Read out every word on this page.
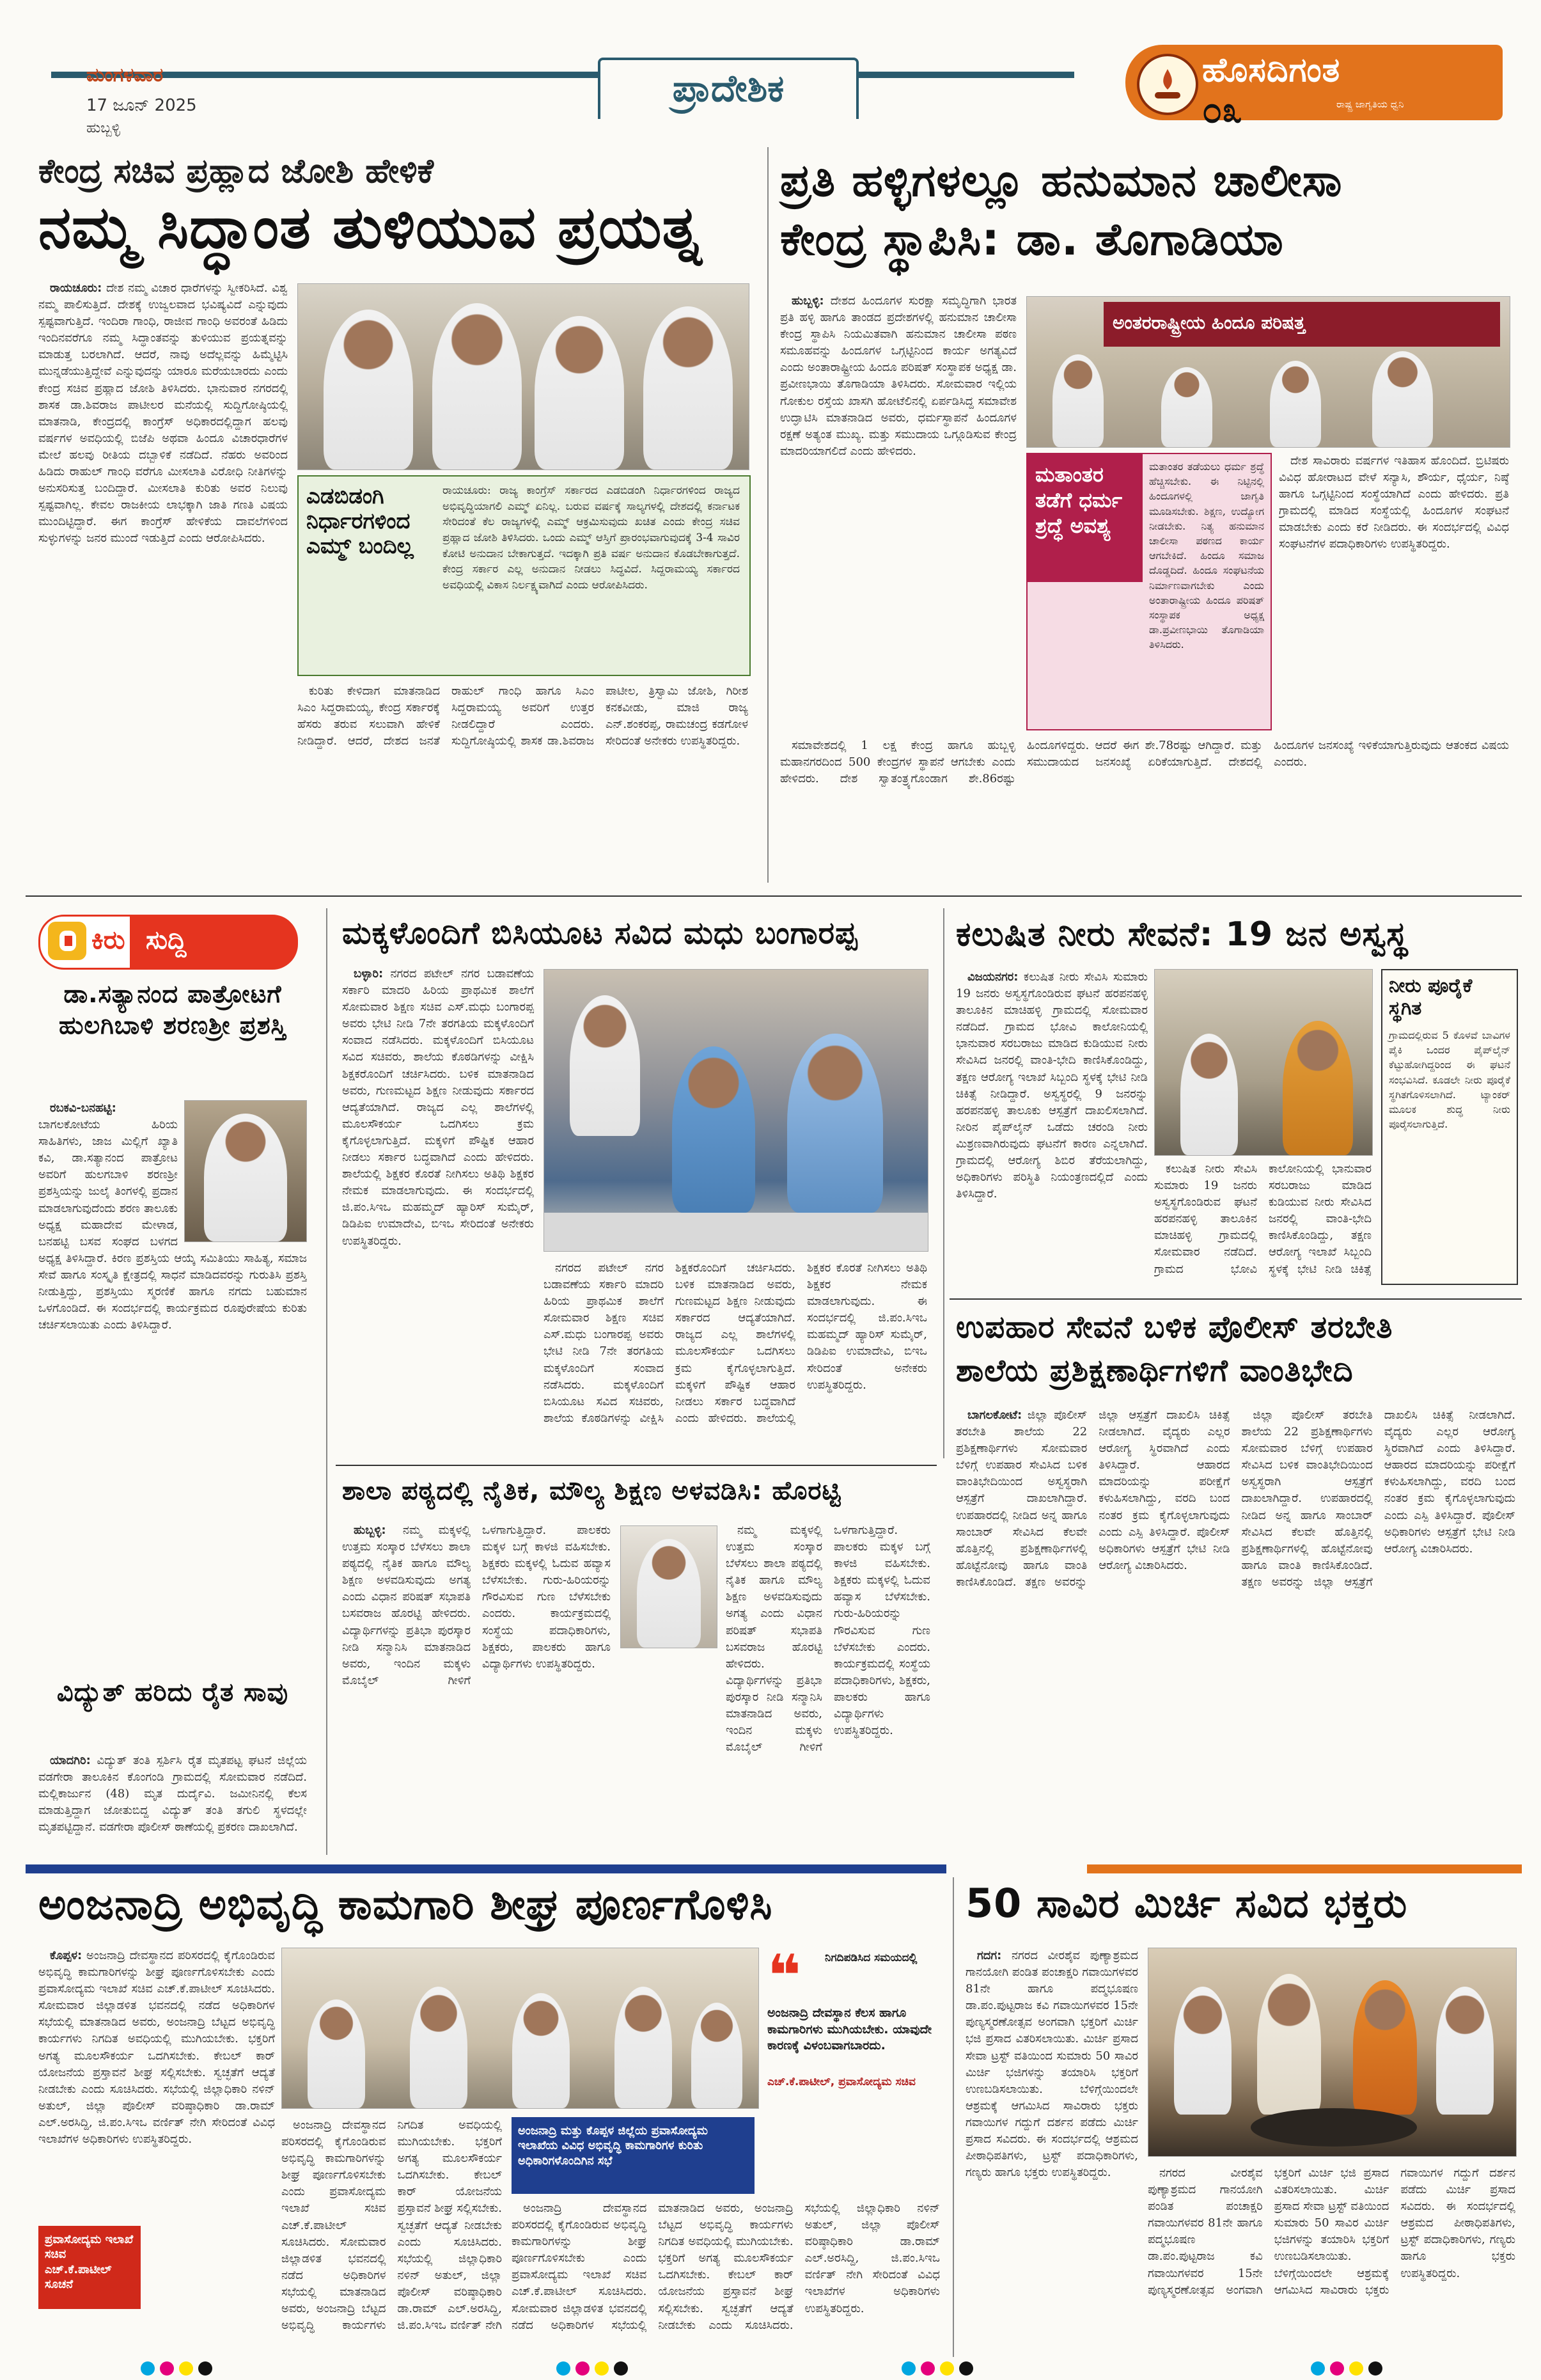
ಮಂಗಳವಾರ
17 ಜೂನ್ 2025
ಹುಬ್ಬಳ್ಳಿ
ಪ್ರಾದೇಶಿಕ	ಹೊಸದಿಗಂತ
ರಾಷ್ಟ್ರ ಜಾಗೃತಿಯ ಧ್ವನಿ
೦೩
ಕೇಂದ್ರ ಸಚಿವ ಪ್ರಹ್ಲಾದ ಜೋಶಿ ಹೇಳಿಕೆ
ನಮ್ಮ ಸಿದ್ಧಾಂತ ತುಳಿಯುವ ಪ್ರಯತ್ನ

ರಾಯಚೂರು: ದೇಶ ನಮ್ಮ ವಿಚಾರ ಧಾರೆಗಳನ್ನು ಸ್ವೀಕರಿಸಿದೆ. ವಿಶ್ವ ನಮ್ಮ ಪಾಲಿಸುತ್ತಿದೆ. ದೇಶಕ್ಕೆ ಉಜ್ವಲವಾದ ಭವಿಷ್ಯವಿದೆ ಎನ್ನುವುದು ಸ್ಪಷ್ಟವಾಗುತ್ತಿದೆ. ಇಂದಿರಾ ಗಾಂಧಿ, ರಾಜೀವ ಗಾಂಧಿ ಅವರಂತೆ ಹಿಡಿದು ಇಂದಿನವರೆಗೂ ನಮ್ಮ ಸಿದ್ಧಾಂತವನ್ನು ತುಳಿಯುವ ಪ್ರಯತ್ನವನ್ನು ಮಾಡುತ್ತ ಬರಲಾಗಿದೆ. ಆದರೆ, ನಾವು ಅದೆಲ್ಲವನ್ನು ಹಿಮ್ಮೆಟ್ಟಿಸಿ ಮುನ್ನಡೆಯುತ್ತಿದ್ದೇವೆ ಎನ್ನುವುದನ್ನು ಯಾರೂ ಮರೆಯಬಾರದು ಎಂದು ಕೇಂದ್ರ ಸಚಿವ ಪ್ರಹ್ಲಾದ ಜೋಶಿ ತಿಳಿಸಿದರು. ಭಾನುವಾರ ನಗರದಲ್ಲಿ ಶಾಸಕ ಡಾ.ಶಿವರಾಜ ಪಾಟೀಲರ ಮನೆಯಲ್ಲಿ ಸುದ್ದಿಗೋಷ್ಠಿಯಲ್ಲಿ ಮಾತನಾಡಿ, ಕೇಂದ್ರದಲ್ಲಿ ಕಾಂಗ್ರೆಸ್ ಅಧಿಕಾರದಲ್ಲಿದ್ದಾಗ ಹಲವು ವರ್ಷಗಳ ಅವಧಿಯಲ್ಲಿ ಬಿಜೆಪಿ ಅಥವಾ ಹಿಂದೂ ವಿಚಾರಧಾರೆಗಳ ಮೇಲೆ ಹಲವು ರೀತಿಯ ದಬ್ಬಾಳಿಕೆ ನಡೆದಿದೆ. ನೆಹರು ಅವರಿಂದ ಹಿಡಿದು ರಾಹುಲ್ ಗಾಂಧಿ ವರೆಗೂ ಮೀಸಲಾತಿ ವಿರೋಧಿ ನೀತಿಗಳನ್ನು ಅನುಸರಿಸುತ್ತ ಬಂದಿದ್ದಾರೆ. ಮೀಸಲಾತಿ ಕುರಿತು ಅವರ ನಿಲುವು ಸ್ಪಷ್ಟವಾಗಿಲ್ಲ. ಕೇವಲ ರಾಜಕೀಯ ಲಾಭಕ್ಕಾಗಿ ಜಾತಿ ಗಣತಿ ವಿಷಯ ಮುಂದಿಟ್ಟಿದ್ದಾರೆ. ಈಗ ಕಾಂಗ್ರೆಸ್ ಹೇಳಿಕೆಯ ದಾವಲೆಗಳಿಂದ ಸುಳ್ಳುಗಳನ್ನು ಜನರ ಮುಂದೆ ಇಡುತ್ತಿದೆ ಎಂದು ಆರೋಪಿಸಿದರು.

ಎಡಬಿಡಂಗಿ ನಿರ್ಧಾರಗಳಿಂದ ಎಮ್ಮ್ ಬಂದಿಲ್ಲ
ರಾಯಚೂರು: ರಾಜ್ಯ ಕಾಂಗ್ರೆಸ್ ಸರ್ಕಾರದ ಎಡಬಿಡಂಗಿ ನಿರ್ಧಾರಗಳಿಂದ ರಾಜ್ಯದ ಅಭಿವೃದ್ಧಿಯಾಗಲಿ ಎಮ್ಮ್ ಏನಿಲ್ಲ. ಬರುವ ವರ್ಷಕ್ಕೆ ಸಾಲ್ಯಗಳಲ್ಲಿ ದೇಶದಲ್ಲಿ ಕರ್ನಾಟಕ ಸೇರಿದಂತೆ ಕೆಲ ರಾಜ್ಯಗಳಲ್ಲಿ ಎಮ್ಮ್ ಆಕ್ರಮಿಸುವುದು ಖಚಿತ ಎಂದು ಕೇಂದ್ರ ಸಚಿವ ಪ್ರಹ್ಲಾದ ಜೋಶಿ ತಿಳಿಸಿದರು. ಒಂದು ಎಮ್ಮ್ ಆಸ್ತಿಗೆ ಪ್ರಾರಂಭವಾಗುವುದಕ್ಕೆ 3-4 ಸಾವಿರ ಕೋಟಿ ಅನುದಾನ ಬೇಕಾಗುತ್ತದೆ. ಇದಕ್ಕಾಗಿ ಪ್ರತಿ ವರ್ಷ ಅನುದಾನ ಕೊಡಬೇಕಾಗುತ್ತದೆ. ಕೇಂದ್ರ ಸರ್ಕಾರ ಎಲ್ಲ ಅನುದಾನ ನೀಡಲು ಸಿದ್ಧವಿದೆ. ಸಿದ್ದರಾಮಯ್ಯ ಸರ್ಕಾರದ ಅವಧಿಯಲ್ಲಿ ವಿಕಾಸ ನಿರ್ಲಕ್ಷ್ಯವಾಗಿದೆ ಎಂದು ಆರೋಪಿಸಿದರು.

ಕುರಿತು ಕೇಳಿದಾಗ ಮಾತನಾಡಿದ ಸಿಎಂ ಸಿದ್ದರಾಮಯ್ಯ, ಕೇಂದ್ರ ಸರ್ಕಾರಕ್ಕೆ ಹೆಸರು ತರುವ ಸಲುವಾಗಿ ಹೇಳಿಕೆ ನೀಡಿದ್ದಾರೆ. ಆದರೆ, ದೇಶದ ಜನತೆ ರಾಹುಲ್ ಗಾಂಧಿ ಹಾಗೂ ಸಿಎಂ ಸಿದ್ದರಾಮಯ್ಯ ಅವರಿಗೆ ಉತ್ತರ ನೀಡಲಿದ್ದಾರೆ ಎಂದರು. ಸುದ್ದಿಗೋಷ್ಠಿಯಲ್ಲಿ ಶಾಸಕ ಡಾ.ಶಿವರಾಜ ಪಾಟೀಲ, ತ್ರಿಸ್ವಾಮಿ ಜೋಶಿ, ಗಿರೀಶ ಕನಕವೀಡು, ಮಾಜಿ ರಾಜ್ಯ ಎನ್.ಶಂಕರಪ್ಪ, ರಾಮಚಂದ್ರ ಕಡಗೋಳ ಸೇರಿದಂತೆ ಅನೇಕರು ಉಪಸ್ಥಿತರಿದ್ದರು.

ಪ್ರತಿ ಹಳ್ಳಿಗಳಲ್ಲೂ ಹನುಮಾನ ಚಾಲೀಸಾ
ಕೇಂದ್ರ ಸ್ಥಾಪಿಸಿ: ಡಾ. ತೊಗಾಡಿಯಾ

ಹುಬ್ಬಳ್ಳಿ: ದೇಶದ ಹಿಂದೂಗಳ ಸುರಕ್ಷಾ ಸಮೃದ್ಧಿಗಾಗಿ ಭಾರತ ಪ್ರತಿ ಹಳ್ಳಿ ಹಾಗೂ ತಾಂಡದ ಪ್ರದೇಶಗಳಲ್ಲಿ ಹನುಮಾನ ಚಾಲೀಸಾ ಕೇಂದ್ರ ಸ್ಥಾಪಿಸಿ ನಿಯಮಿತವಾಗಿ ಹನುಮಾನ ಚಾಲೀಸಾ ಪಠಣ ಸಮೂಹವನ್ನು ಹಿಂದೂಗಳ ಒಗ್ಗಟ್ಟಿನಿಂದ ಕಾರ್ಯ ಅಗತ್ಯವಿದೆ ಎಂದು ಅಂತಾರಾಷ್ಟ್ರೀಯ ಹಿಂದೂ ಪರಿಷತ್ ಸಂಸ್ಥಾಪಕ ಅಧ್ಯಕ್ಷ ಡಾ. ಪ್ರವೀಣಭಾಯಿ ತೊಗಾಡಿಯಾ ತಿಳಿಸಿದರು. ಸೋಮವಾರ ಇಲ್ಲಿಯ ಗೋಕುಲ ರಸ್ತೆಯ ಖಾಸಗಿ ಹೋಟೆಲಿನಲ್ಲಿ ಏರ್ಪಡಿಸಿದ್ದ ಸಮಾವೇಶ ಉದ್ಘಾಟಿಸಿ ಮಾತನಾಡಿದ ಅವರು, ಧರ್ಮಸ್ಥಾಪನೆ ಹಿಂದೂಗಳ ರಕ್ಷಣೆ ಅತ್ಯಂತ ಮುಖ್ಯ. ಮತ್ತು ಸಮುದಾಯ ಒಗ್ಗೂಡಿಸುವ ಕೇಂದ್ರ ಮಾದರಿಯಾಗಲಿದೆ ಎಂದು ಹೇಳಿದರು.

ಅಂತರರಾಷ್ಟ್ರೀಯ ಹಿಂದೂ ಪರಿಷತ್ತ
ಮತಾಂತರ ತಡೆಗೆ ಧರ್ಮ ಶ್ರದ್ಧೆ ಅವಶ್ಯ
ಮತಾಂತರ ತಡೆಯಲು ಧರ್ಮ ಶ್ರದ್ಧೆ ಹೆಚ್ಚಿಸಬೇಕು. ಈ ನಿಟ್ಟಿನಲ್ಲಿ ಹಿಂದೂಗಳಲ್ಲಿ ಜಾಗೃತಿ ಮೂಡಿಸಬೇಕು. ಶಿಕ್ಷಣ, ಉದ್ಯೋಗ ನೀಡಬೇಕು. ನಿತ್ಯ ಹನುಮಾನ ಚಾಲೀಸಾ ಪಠಣದ ಕಾರ್ಯ ಆಗಬೇಕಿದೆ. ಹಿಂದೂ ಸಮಾಜ ದೊಡ್ಡದಿದೆ. ಹಿಂದೂ ಸಂಘಟನೆಯ ನಿರ್ಮಾಣವಾಗಬೇಕು ಎಂದು ಅಂತಾರಾಷ್ಟ್ರೀಯ ಹಿಂದೂ ಪರಿಷತ್ ಸಂಸ್ಥಾಪಕ ಅಧ್ಯಕ್ಷ ಡಾ.ಪ್ರವೀಣಭಾಯಿ ತೊಗಾಡಿಯಾ ತಿಳಿಸಿದರು.

ದೇಶ ಸಾವಿರಾರು ವರ್ಷಗಳ ಇತಿಹಾಸ ಹೊಂದಿದೆ. ಬ್ರಿಟಿಷರು ವಿವಿಧ ಹೋರಾಟದ ವೇಳೆ ಸನ್ಯಾಸಿ, ಶೌರ್ಯ, ಧೈರ್ಯ, ನಿಷ್ಠೆ ಹಾಗೂ ಒಗ್ಗಟ್ಟಿನಿಂದ ಸಂಸ್ಥೆಯಾಗಿದೆ ಎಂದು ಹೇಳಿದರು. ಪ್ರತಿ ಗ್ರಾಮದಲ್ಲಿ ಮಾಡಿದ ಸಂಸ್ಥೆಯಲ್ಲಿ ಹಿಂದೂಗಳ ಸಂಘಟನೆ ಮಾಡಬೇಕು ಎಂದು ಕರೆ ನೀಡಿದರು. ಈ ಸಂದರ್ಭದಲ್ಲಿ ವಿವಿಧ ಸಂಘಟನೆಗಳ ಪದಾಧಿಕಾರಿಗಳು ಉಪಸ್ಥಿತರಿದ್ದರು.

ಸಮಾವೇಶದಲ್ಲಿ 1 ಲಕ್ಷ ಕೇಂದ್ರ ಹಾಗೂ ಹುಬ್ಬಳ್ಳಿ ಮಹಾನಗರದಿಂದ 500 ಕೇಂದ್ರಗಳ ಸ್ಥಾಪನೆ ಆಗಬೇಕು ಎಂದು ಹೇಳಿದರು. ದೇಶ ಸ್ವಾತಂತ್ರ್ಯಗೊಂಡಾಗ ಶೇ.86ರಷ್ಟು ಹಿಂದೂಗಳಿದ್ದರು. ಆದರೆ ಈಗ ಶೇ.78ರಷ್ಟು ಆಗಿದ್ದಾರೆ. ಮತ್ತು ಸಮುದಾಯದ ಜನಸಂಖ್ಯೆ ಏರಿಕೆಯಾಗುತ್ತಿದೆ. ದೇಶದಲ್ಲಿ ಹಿಂದೂಗಳ ಜನಸಂಖ್ಯೆ ಇಳಿಕೆಯಾಗುತ್ತಿರುವುದು ಆತಂಕದ ವಿಷಯ ಎಂದರು.

ಕಿರು ಸುದ್ದಿ
ಡಾ.ಸತ್ಯಾನಂದ ಪಾತ್ರೋಟಗೆ ಹುಲಗಿಬಾಳಿ ಶರಣಶ್ರೀ ಪ್ರಶಸ್ತಿ

ರಬಕವಿ-ಬನಹಟ್ಟಿ: ಬಾಗಲಕೋಟೆಯ ಹಿರಿಯ ಸಾಹಿತಿಗಳು, ಜಾಜ ಮಿಲ್ಲಿಗೆ ಖ್ಯಾತಿ ಕವಿ, ಡಾ.ಸತ್ಯಾನಂದ ಪಾತ್ರೋಟ ಅವರಿಗೆ ಹುಲಗಬಾಳಿ ಶರಣಶ್ರೀ ಪ್ರಶಸ್ತಿಯನ್ನು ಜುಲೈ ತಿಂಗಳಲ್ಲಿ ಪ್ರದಾನ ಮಾಡಲಾಗುವುದೆಂದು ಶರಣ ತಾಲೂಕು ಅಧ್ಯಕ್ಷ ಮಹಾದೇವ ಮೇಳಾಡ, ಬನಹಟ್ಟಿ ಬಸವ ಸಂಘದ ಬಳಗದ ಅಧ್ಯಕ್ಷ ತಿಳಿಸಿದ್ದಾರೆ. ಕಿರಣ ಪ್ರಶಸ್ತಿಯ ಆಯ್ಕೆ ಸಮಿತಿಯು ಸಾಹಿತ್ಯ, ಸಮಾಜ ಸೇವೆ ಹಾಗೂ ಸಂಸ್ಕೃತಿ ಕ್ಷೇತ್ರದಲ್ಲಿ ಸಾಧನೆ ಮಾಡಿದವರನ್ನು ಗುರುತಿಸಿ ಪ್ರಶಸ್ತಿ ನೀಡುತ್ತಿದ್ದು, ಪ್ರಶಸ್ತಿಯು ಸ್ಮರಣಿಕೆ ಹಾಗೂ ನಗದು ಬಹುಮಾನ ಒಳಗೊಂಡಿದೆ. ಈ ಸಂದರ್ಭದಲ್ಲಿ ಕಾರ್ಯಕ್ರಮದ ರೂಪುರೇಷೆಯ ಕುರಿತು ಚರ್ಚಿಸಲಾಯಿತು ಎಂದು ತಿಳಿಸಿದ್ದಾರೆ.

ವಿದ್ಯುತ್ ಹರಿದು ರೈತ ಸಾವು

ಯಾದಗಿರಿ: ವಿದ್ಯುತ್ ತಂತಿ ಸ್ಪರ್ಶಿಸಿ ರೈತ ಮೃತಪಟ್ಟ ಘಟನೆ ಜಿಲ್ಲೆಯ ವಡಗೇರಾ ತಾಲೂಕಿನ ಕೊಂಗಂಡಿ ಗ್ರಾಮದಲ್ಲಿ ಸೋಮವಾರ ನಡೆದಿದೆ. ಮಲ್ಲಿಕಾರ್ಜುನ (48) ಮೃತ ದುರ್ದೈವಿ. ಜಮೀನಿನಲ್ಲಿ ಕೆಲಸ ಮಾಡುತ್ತಿದ್ದಾಗ ಜೋತುಬಿದ್ದ ವಿದ್ಯುತ್ ತಂತಿ ತಗುಲಿ ಸ್ಥಳದಲ್ಲೇ ಮೃತಪಟ್ಟಿದ್ದಾನೆ. ವಡಗೇರಾ ಪೊಲೀಸ್ ಠಾಣೆಯಲ್ಲಿ ಪ್ರಕರಣ ದಾಖಲಾಗಿದೆ.

ಮಕ್ಕಳೊಂದಿಗೆ ಬಿಸಿಯೂಟ ಸವಿದ ಮಧು ಬಂಗಾರಪ್ಪ

ಬಳ್ಳಾರಿ: ನಗರದ ಪಟೇಲ್ ನಗರ ಬಡಾವಣೆಯ ಸರ್ಕಾರಿ ಮಾದರಿ ಹಿರಿಯ ಪ್ರಾಥಮಿಕ ಶಾಲೆಗೆ ಸೋಮವಾರ ಶಿಕ್ಷಣ ಸಚಿವ ಎಸ್.ಮಧು ಬಂಗಾರಪ್ಪ ಅವರು ಭೇಟಿ ನೀಡಿ 7ನೇ ತರಗತಿಯ ಮಕ್ಕಳೊಂದಿಗೆ ಸಂವಾದ ನಡೆಸಿದರು. ಮಕ್ಕಳೊಂದಿಗೆ ಬಿಸಿಯೂಟ ಸವಿದ ಸಚಿವರು, ಶಾಲೆಯ ಕೊಠಡಿಗಳನ್ನು ವೀಕ್ಷಿಸಿ ಶಿಕ್ಷಕರೊಂದಿಗೆ ಚರ್ಚಿಸಿದರು. ಬಳಿಕ ಮಾತನಾಡಿದ ಅವರು, ಗುಣಮಟ್ಟದ ಶಿಕ್ಷಣ ನೀಡುವುದು ಸರ್ಕಾರದ ಆದ್ಯತೆಯಾಗಿದೆ. ರಾಜ್ಯದ ಎಲ್ಲ ಶಾಲೆಗಳಲ್ಲಿ ಮೂಲಸೌಕರ್ಯ ಒದಗಿಸಲು ಕ್ರಮ ಕೈಗೊಳ್ಳಲಾಗುತ್ತಿದೆ. ಮಕ್ಕಳಿಗೆ ಪೌಷ್ಟಿಕ ಆಹಾರ ನೀಡಲು ಸರ್ಕಾರ ಬದ್ಧವಾಗಿದೆ ಎಂದು ಹೇಳಿದರು. ಶಾಲೆಯಲ್ಲಿ ಶಿಕ್ಷಕರ ಕೊರತೆ ನೀಗಿಸಲು ಅತಿಥಿ ಶಿಕ್ಷಕರ ನೇಮಕ ಮಾಡಲಾಗುವುದು. ಈ ಸಂದರ್ಭದಲ್ಲಿ ಜಿ.ಪಂ.ಸಿಇಒ ಮಹಮ್ಮದ್ ಹ್ಯಾರಿಸ್ ಸುಮೈರ್, ಡಿಡಿಪಿಐ ಉಮಾದೇವಿ, ಬಿಇಒ ಸೇರಿದಂತೆ ಅನೇಕರು ಉಪಸ್ಥಿತರಿದ್ದರು.

ನಗರದ ಪಟೇಲ್ ನಗರ ಬಡಾವಣೆಯ ಸರ್ಕಾರಿ ಮಾದರಿ ಹಿರಿಯ ಪ್ರಾಥಮಿಕ ಶಾಲೆಗೆ ಸೋಮವಾರ ಶಿಕ್ಷಣ ಸಚಿವ ಎಸ್.ಮಧು ಬಂಗಾರಪ್ಪ ಅವರು ಭೇಟಿ ನೀಡಿ 7ನೇ ತರಗತಿಯ ಮಕ್ಕಳೊಂದಿಗೆ ಸಂವಾದ ನಡೆಸಿದರು. ಮಕ್ಕಳೊಂದಿಗೆ ಬಿಸಿಯೂಟ ಸವಿದ ಸಚಿವರು, ಶಾಲೆಯ ಕೊಠಡಿಗಳನ್ನು ವೀಕ್ಷಿಸಿ ಶಿಕ್ಷಕರೊಂದಿಗೆ ಚರ್ಚಿಸಿದರು. ಬಳಿಕ ಮಾತನಾಡಿದ ಅವರು, ಗುಣಮಟ್ಟದ ಶಿಕ್ಷಣ ನೀಡುವುದು ಸರ್ಕಾರದ ಆದ್ಯತೆಯಾಗಿದೆ. ರಾಜ್ಯದ ಎಲ್ಲ ಶಾಲೆಗಳಲ್ಲಿ ಮೂಲಸೌಕರ್ಯ ಒದಗಿಸಲು ಕ್ರಮ ಕೈಗೊಳ್ಳಲಾಗುತ್ತಿದೆ. ಮಕ್ಕಳಿಗೆ ಪೌಷ್ಟಿಕ ಆಹಾರ ನೀಡಲು ಸರ್ಕಾರ ಬದ್ಧವಾಗಿದೆ ಎಂದು ಹೇಳಿದರು. ಶಾಲೆಯಲ್ಲಿ ಶಿಕ್ಷಕರ ಕೊರತೆ ನೀಗಿಸಲು ಅತಿಥಿ ಶಿಕ್ಷಕರ ನೇಮಕ ಮಾಡಲಾಗುವುದು. ಈ ಸಂದರ್ಭದಲ್ಲಿ ಜಿ.ಪಂ.ಸಿಇಒ ಮಹಮ್ಮದ್ ಹ್ಯಾರಿಸ್ ಸುಮೈರ್, ಡಿಡಿಪಿಐ ಉಮಾದೇವಿ, ಬಿಇಒ ಸೇರಿದಂತೆ ಅನೇಕರು ಉಪಸ್ಥಿತರಿದ್ದರು.

ಕಲುಷಿತ ನೀರು ಸೇವನೆ: 19 ಜನ ಅಸ್ವಸ್ಥ

ವಿಜಯನಗರ: ಕಲುಷಿತ ನೀರು ಸೇವಿಸಿ ಸುಮಾರು 19 ಜನರು ಅಸ್ವಸ್ಥಗೊಂಡಿರುವ ಘಟನೆ ಹರಪನಹಳ್ಳಿ ತಾಲೂಕಿನ ಮಾಚಿಹಳ್ಳಿ ಗ್ರಾಮದಲ್ಲಿ ಸೋಮವಾರ ನಡೆದಿದೆ. ಗ್ರಾಮದ ಭೋವಿ ಕಾಲೋನಿಯಲ್ಲಿ ಭಾನುವಾರ ಸರಬರಾಜು ಮಾಡಿದ ಕುಡಿಯುವ ನೀರು ಸೇವಿಸಿದ ಜನರಲ್ಲಿ ವಾಂತಿ-ಭೇದಿ ಕಾಣಿಸಿಕೊಂಡಿದ್ದು, ತಕ್ಷಣ ಆರೋಗ್ಯ ಇಲಾಖೆ ಸಿಬ್ಬಂದಿ ಸ್ಥಳಕ್ಕೆ ಭೇಟಿ ನೀಡಿ ಚಿಕಿತ್ಸೆ ನೀಡಿದ್ದಾರೆ. ಅಸ್ವಸ್ಥರಲ್ಲಿ 9 ಜನರನ್ನು ಹರಪನಹಳ್ಳಿ ತಾಲೂಕು ಆಸ್ಪತ್ರೆಗೆ ದಾಖಲಿಸಲಾಗಿದೆ. ನೀರಿನ ಪೈಪ್‌ಲೈನ್ ಒಡೆದು ಚರಂಡಿ ನೀರು ಮಿಶ್ರಣವಾಗಿರುವುದು ಘಟನೆಗೆ ಕಾರಣ ಎನ್ನಲಾಗಿದೆ. ಗ್ರಾಮದಲ್ಲಿ ಆರೋಗ್ಯ ಶಿಬಿರ ತೆರೆಯಲಾಗಿದ್ದು, ಅಧಿಕಾರಿಗಳು ಪರಿಸ್ಥಿತಿ ನಿಯಂತ್ರಣದಲ್ಲಿದೆ ಎಂದು ತಿಳಿಸಿದ್ದಾರೆ.

ನೀರು ಪೂರೈಕೆ ಸ್ಥಗಿತ
ಗ್ರಾಮದಲ್ಲಿರುವ 5 ಕೊಳವೆ ಬಾವಿಗಳ ಪೈಕಿ ಒಂದರ ಪೈಪ್‌ಲೈನ್ ಕೆಟ್ಟುಹೋಗಿದ್ದರಿಂದ ಈ ಘಟನೆ ಸಂಭವಿಸಿದೆ. ಕೂಡಲೇ ನೀರು ಪೂರೈಕೆ ಸ್ಥಗಿತಗೊಳಿಸಲಾಗಿದೆ. ಟ್ಯಾಂಕರ್ ಮೂಲಕ ಶುದ್ಧ ನೀರು ಪೂರೈಸಲಾಗುತ್ತಿದೆ.

ಕಲುಷಿತ ನೀರು ಸೇವಿಸಿ ಸುಮಾರು 19 ಜನರು ಅಸ್ವಸ್ಥಗೊಂಡಿರುವ ಘಟನೆ ಹರಪನಹಳ್ಳಿ ತಾಲೂಕಿನ ಮಾಚಿಹಳ್ಳಿ ಗ್ರಾಮದಲ್ಲಿ ಸೋಮವಾರ ನಡೆದಿದೆ. ಗ್ರಾಮದ ಭೋವಿ ಕಾಲೋನಿಯಲ್ಲಿ ಭಾನುವಾರ ಸರಬರಾಜು ಮಾಡಿದ ಕುಡಿಯುವ ನೀರು ಸೇವಿಸಿದ ಜನರಲ್ಲಿ ವಾಂತಿ-ಭೇದಿ ಕಾಣಿಸಿಕೊಂಡಿದ್ದು, ತಕ್ಷಣ ಆರೋಗ್ಯ ಇಲಾಖೆ ಸಿಬ್ಬಂದಿ ಸ್ಥಳಕ್ಕೆ ಭೇಟಿ ನೀಡಿ ಚಿಕಿತ್ಸೆ

ಉಪಹಾರ ಸೇವನೆ ಬಳಿಕ ಪೊಲೀಸ್ ತರಬೇತಿ
ಶಾಲೆಯ ಪ್ರಶಿಕ್ಷಣಾರ್ಥಿಗಳಿಗೆ ವಾಂತಿಭೇದಿ

ಬಾಗಲಕೋಟೆ: ಜಿಲ್ಲಾ ಪೊಲೀಸ್ ತರಬೇತಿ ಶಾಲೆಯ 22 ಪ್ರಶಿಕ್ಷಣಾರ್ಥಿಗಳು ಸೋಮವಾರ ಬೆಳಿಗ್ಗೆ ಉಪಹಾರ ಸೇವಿಸಿದ ಬಳಿಕ ವಾಂತಿಭೇದಿಯಿಂದ ಅಸ್ವಸ್ಥರಾಗಿ ಆಸ್ಪತ್ರೆಗೆ ದಾಖಲಾಗಿದ್ದಾರೆ. ಉಪಹಾರದಲ್ಲಿ ನೀಡಿದ ಅನ್ನ ಹಾಗೂ ಸಾಂಬಾರ್ ಸೇವಿಸಿದ ಕೆಲವೇ ಹೊತ್ತಿನಲ್ಲಿ ಪ್ರಶಿಕ್ಷಣಾರ್ಥಿಗಳಲ್ಲಿ ಹೊಟ್ಟೆನೋವು ಹಾಗೂ ವಾಂತಿ ಕಾಣಿಸಿಕೊಂಡಿದೆ. ತಕ್ಷಣ ಅವರನ್ನು ಜಿಲ್ಲಾ ಆಸ್ಪತ್ರೆಗೆ ದಾಖಲಿಸಿ ಚಿಕಿತ್ಸೆ ನೀಡಲಾಗಿದೆ. ವೈದ್ಯರು ಎಲ್ಲರ ಆರೋಗ್ಯ ಸ್ಥಿರವಾಗಿದೆ ಎಂದು ತಿಳಿಸಿದ್ದಾರೆ. ಆಹಾರದ ಮಾದರಿಯನ್ನು ಪರೀಕ್ಷೆಗೆ ಕಳುಹಿಸಲಾಗಿದ್ದು, ವರದಿ ಬಂದ ನಂತರ ಕ್ರಮ ಕೈಗೊಳ್ಳಲಾಗುವುದು ಎಂದು ಎಸ್ಪಿ ತಿಳಿಸಿದ್ದಾರೆ. ಪೊಲೀಸ್ ಅಧಿಕಾರಿಗಳು ಆಸ್ಪತ್ರೆಗೆ ಭೇಟಿ ನೀಡಿ ಆರೋಗ್ಯ ವಿಚಾರಿಸಿದರು.

ಜಿಲ್ಲಾ ಪೊಲೀಸ್ ತರಬೇತಿ ಶಾಲೆಯ 22 ಪ್ರಶಿಕ್ಷಣಾರ್ಥಿಗಳು ಸೋಮವಾರ ಬೆಳಿಗ್ಗೆ ಉಪಹಾರ ಸೇವಿಸಿದ ಬಳಿಕ ವಾಂತಿಭೇದಿಯಿಂದ ಅಸ್ವಸ್ಥರಾಗಿ ಆಸ್ಪತ್ರೆಗೆ ದಾಖಲಾಗಿದ್ದಾರೆ. ಉಪಹಾರದಲ್ಲಿ ನೀಡಿದ ಅನ್ನ ಹಾಗೂ ಸಾಂಬಾರ್ ಸೇವಿಸಿದ ಕೆಲವೇ ಹೊತ್ತಿನಲ್ಲಿ ಪ್ರಶಿಕ್ಷಣಾರ್ಥಿಗಳಲ್ಲಿ ಹೊಟ್ಟೆನೋವು ಹಾಗೂ ವಾಂತಿ ಕಾಣಿಸಿಕೊಂಡಿದೆ. ತಕ್ಷಣ ಅವರನ್ನು ಜಿಲ್ಲಾ ಆಸ್ಪತ್ರೆಗೆ ದಾಖಲಿಸಿ ಚಿಕಿತ್ಸೆ ನೀಡಲಾಗಿದೆ. ವೈದ್ಯರು ಎಲ್ಲರ ಆರೋಗ್ಯ ಸ್ಥಿರವಾಗಿದೆ ಎಂದು ತಿಳಿಸಿದ್ದಾರೆ. ಆಹಾರದ ಮಾದರಿಯನ್ನು ಪರೀಕ್ಷೆಗೆ ಕಳುಹಿಸಲಾಗಿದ್ದು, ವರದಿ ಬಂದ ನಂತರ ಕ್ರಮ ಕೈಗೊಳ್ಳಲಾಗುವುದು ಎಂದು ಎಸ್ಪಿ ತಿಳಿಸಿದ್ದಾರೆ. ಪೊಲೀಸ್ ಅಧಿಕಾರಿಗಳು ಆಸ್ಪತ್ರೆಗೆ ಭೇಟಿ ನೀಡಿ ಆರೋಗ್ಯ ವಿಚಾರಿಸಿದರು.

ಶಾಲಾ ಪಠ್ಯದಲ್ಲಿ ನೈತಿಕ, ಮೌಲ್ಯ ಶಿಕ್ಷಣ ಅಳವಡಿಸಿ: ಹೊರಟ್ಟಿ

ಹುಬ್ಬಳ್ಳಿ: ನಮ್ಮ ಮಕ್ಕಳಲ್ಲಿ ಉತ್ತಮ ಸಂಸ್ಕಾರ ಬೆಳೆಸಲು ಶಾಲಾ ಪಠ್ಯದಲ್ಲಿ ನೈತಿಕ ಹಾಗೂ ಮೌಲ್ಯ ಶಿಕ್ಷಣ ಅಳವಡಿಸುವುದು ಅಗತ್ಯ ಎಂದು ವಿಧಾನ ಪರಿಷತ್ ಸಭಾಪತಿ ಬಸವರಾಜ ಹೊರಟ್ಟಿ ಹೇಳಿದರು. ವಿದ್ಯಾರ್ಥಿಗಳನ್ನು ಪ್ರತಿಭಾ ಪುರಸ್ಕಾರ ನೀಡಿ ಸನ್ಮಾನಿಸಿ ಮಾತನಾಡಿದ ಅವರು, ಇಂದಿನ ಮಕ್ಕಳು ಮೊಬೈಲ್ ಗೀಳಿಗೆ ಒಳಗಾಗುತ್ತಿದ್ದಾರೆ. ಪಾಲಕರು ಮಕ್ಕಳ ಬಗ್ಗೆ ಕಾಳಜಿ ವಹಿಸಬೇಕು. ಶಿಕ್ಷಕರು ಮಕ್ಕಳಲ್ಲಿ ಓದುವ ಹವ್ಯಾಸ ಬೆಳೆಸಬೇಕು. ಗುರು-ಹಿರಿಯರನ್ನು ಗೌರವಿಸುವ ಗುಣ ಬೆಳೆಸಬೇಕು ಎಂದರು. ಕಾರ್ಯಕ್ರಮದಲ್ಲಿ ಸಂಸ್ಥೆಯ ಪದಾಧಿಕಾರಿಗಳು, ಶಿಕ್ಷಕರು, ಪಾಲಕರು ಹಾಗೂ ವಿದ್ಯಾರ್ಥಿಗಳು ಉಪಸ್ಥಿತರಿದ್ದರು.

ನಮ್ಮ ಮಕ್ಕಳಲ್ಲಿ ಉತ್ತಮ ಸಂಸ್ಕಾರ ಬೆಳೆಸಲು ಶಾಲಾ ಪಠ್ಯದಲ್ಲಿ ನೈತಿಕ ಹಾಗೂ ಮೌಲ್ಯ ಶಿಕ್ಷಣ ಅಳವಡಿಸುವುದು ಅಗತ್ಯ ಎಂದು ವಿಧಾನ ಪರಿಷತ್ ಸಭಾಪತಿ ಬಸವರಾಜ ಹೊರಟ್ಟಿ ಹೇಳಿದರು. ವಿದ್ಯಾರ್ಥಿಗಳನ್ನು ಪ್ರತಿಭಾ ಪುರಸ್ಕಾರ ನೀಡಿ ಸನ್ಮಾನಿಸಿ ಮಾತನಾಡಿದ ಅವರು, ಇಂದಿನ ಮಕ್ಕಳು ಮೊಬೈಲ್ ಗೀಳಿಗೆ ಒಳಗಾಗುತ್ತಿದ್ದಾರೆ. ಪಾಲಕರು ಮಕ್ಕಳ ಬಗ್ಗೆ ಕಾಳಜಿ ವಹಿಸಬೇಕು. ಶಿಕ್ಷಕರು ಮಕ್ಕಳಲ್ಲಿ ಓದುವ ಹವ್ಯಾಸ ಬೆಳೆಸಬೇಕು. ಗುರು-ಹಿರಿಯರನ್ನು ಗೌರವಿಸುವ ಗುಣ ಬೆಳೆಸಬೇಕು ಎಂದರು. ಕಾರ್ಯಕ್ರಮದಲ್ಲಿ ಸಂಸ್ಥೆಯ ಪದಾಧಿಕಾರಿಗಳು, ಶಿಕ್ಷಕರು, ಪಾಲಕರು ಹಾಗೂ ವಿದ್ಯಾರ್ಥಿಗಳು ಉಪಸ್ಥಿತರಿದ್ದರು.

ಅಂಜನಾದ್ರಿ ಅಭಿವೃದ್ಧಿ ಕಾಮಗಾರಿ ಶೀಘ್ರ ಪೂರ್ಣಗೊಳಿಸಿ

ಕೊಪ್ಪಳ: ಅಂಜನಾದ್ರಿ ದೇವಸ್ಥಾನದ ಪರಿಸರದಲ್ಲಿ ಕೈಗೊಂಡಿರುವ ಅಭಿವೃದ್ಧಿ ಕಾಮಗಾರಿಗಳನ್ನು ಶೀಘ್ರ ಪೂರ್ಣಗೊಳಿಸಬೇಕು ಎಂದು ಪ್ರವಾಸೋದ್ಯಮ ಇಲಾಖೆ ಸಚಿವ ಎಚ್.ಕೆ.ಪಾಟೀಲ್ ಸೂಚಿಸಿದರು. ಸೋಮವಾರ ಜಿಲ್ಲಾಡಳಿತ ಭವನದಲ್ಲಿ ನಡೆದ ಅಧಿಕಾರಿಗಳ ಸಭೆಯಲ್ಲಿ ಮಾತನಾಡಿದ ಅವರು, ಅಂಜನಾದ್ರಿ ಬೆಟ್ಟದ ಅಭಿವೃದ್ಧಿ ಕಾರ್ಯಗಳು ನಿಗದಿತ ಅವಧಿಯಲ್ಲಿ ಮುಗಿಯಬೇಕು. ಭಕ್ತರಿಗೆ ಅಗತ್ಯ ಮೂಲಸೌಕರ್ಯ ಒದಗಿಸಬೇಕು. ಕೇಬಲ್ ಕಾರ್ ಯೋಜನೆಯ ಪ್ರಸ್ತಾವನೆ ಶೀಘ್ರ ಸಲ್ಲಿಸಬೇಕು. ಸ್ವಚ್ಛತೆಗೆ ಆದ್ಯತೆ ನೀಡಬೇಕು ಎಂದು ಸೂಚಿಸಿದರು. ಸಭೆಯಲ್ಲಿ ಜಿಲ್ಲಾಧಿಕಾರಿ ನಳಿನ್ ಅತುಲ್, ಜಿಲ್ಲಾ ಪೊಲೀಸ್ ವರಿಷ್ಠಾಧಿಕಾರಿ ಡಾ.ರಾಮ್ ಎಲ್.ಅರಸಿದ್ದಿ, ಜಿ.ಪಂ.ಸಿಇಒ ವರ್ಣಿತ್ ನೇಗಿ ಸೇರಿದಂತೆ ವಿವಿಧ ಇಲಾಖೆಗಳ ಅಧಿಕಾರಿಗಳು ಉಪಸ್ಥಿತರಿದ್ದರು.

ಪ್ರವಾಸೋದ್ಯಮ ಇಲಾಖೆ ಸಚಿವ ಎಚ್.ಕೆ.ಪಾಟೀಲ್ ಸೂಚನೆ
❝ ನಿಗದಿಪಡಿಸಿದ ಸಮಯದಲ್ಲಿ
ಅಂಜನಾದ್ರಿ ದೇವಸ್ಥಾನ ಕೆಲಸ ಹಾಗೂ ಕಾಮಗಾರಿಗಳು ಮುಗಿಯಬೇಕು. ಯಾವುದೇ ಕಾರಣಕ್ಕೆ ವಿಳಂಬವಾಗಬಾರದು.
ಎಚ್.ಕೆ.ಪಾಟೀಲ್, ಪ್ರವಾಸೋದ್ಯಮ ಸಚಿವ

ಅಂಜನಾದ್ರಿ ದೇವಸ್ಥಾನದ ಪರಿಸರದಲ್ಲಿ ಕೈಗೊಂಡಿರುವ ಅಭಿವೃದ್ಧಿ ಕಾಮಗಾರಿಗಳನ್ನು ಶೀಘ್ರ ಪೂರ್ಣಗೊಳಿಸಬೇಕು ಎಂದು ಪ್ರವಾಸೋದ್ಯಮ ಇಲಾಖೆ ಸಚಿವ ಎಚ್.ಕೆ.ಪಾಟೀಲ್ ಸೂಚಿಸಿದರು. ಸೋಮವಾರ ಜಿಲ್ಲಾಡಳಿತ ಭವನದಲ್ಲಿ ನಡೆದ ಅಧಿಕಾರಿಗಳ ಸಭೆಯಲ್ಲಿ ಮಾತನಾಡಿದ ಅವರು, ಅಂಜನಾದ್ರಿ ಬೆಟ್ಟದ ಅಭಿವೃದ್ಧಿ ಕಾರ್ಯಗಳು ನಿಗದಿತ ಅವಧಿಯಲ್ಲಿ ಮುಗಿಯಬೇಕು. ಭಕ್ತರಿಗೆ ಅಗತ್ಯ ಮೂಲಸೌಕರ್ಯ ಒದಗಿಸಬೇಕು. ಕೇಬಲ್ ಕಾರ್ ಯೋಜನೆಯ ಪ್ರಸ್ತಾವನೆ ಶೀಘ್ರ ಸಲ್ಲಿಸಬೇಕು. ಸ್ವಚ್ಛತೆಗೆ ಆದ್ಯತೆ ನೀಡಬೇಕು ಎಂದು ಸೂಚಿಸಿದರು. ಸಭೆಯಲ್ಲಿ ಜಿಲ್ಲಾಧಿಕಾರಿ ನಳಿನ್ ಅತುಲ್, ಜಿಲ್ಲಾ ಪೊಲೀಸ್ ವರಿಷ್ಠಾಧಿಕಾರಿ ಡಾ.ರಾಮ್ ಎಲ್.ಅರಸಿದ್ದಿ, ಜಿ.ಪಂ.ಸಿಇಒ ವರ್ಣಿತ್ ನೇಗಿ

ಅಂಜನಾದ್ರಿ ಮತ್ತು ಕೊಪ್ಪಳ ಜಿಲ್ಲೆಯ ಪ್ರವಾಸೋದ್ಯಮ ಇಲಾಖೆಯ ವಿವಿಧ ಅಭಿವೃದ್ಧಿ ಕಾಮಗಾರಿಗಳ ಕುರಿತು ಅಧಿಕಾರಿಗಳೊಂದಿಗಿನ ಸಭೆ

ಅಂಜನಾದ್ರಿ ದೇವಸ್ಥಾನದ ಪರಿಸರದಲ್ಲಿ ಕೈಗೊಂಡಿರುವ ಅಭಿವೃದ್ಧಿ ಕಾಮಗಾರಿಗಳನ್ನು ಶೀಘ್ರ ಪೂರ್ಣಗೊಳಿಸಬೇಕು ಎಂದು ಪ್ರವಾಸೋದ್ಯಮ ಇಲಾಖೆ ಸಚಿವ ಎಚ್.ಕೆ.ಪಾಟೀಲ್ ಸೂಚಿಸಿದರು. ಸೋಮವಾರ ಜಿಲ್ಲಾಡಳಿತ ಭವನದಲ್ಲಿ ನಡೆದ ಅಧಿಕಾರಿಗಳ ಸಭೆಯಲ್ಲಿ ಮಾತನಾಡಿದ ಅವರು, ಅಂಜನಾದ್ರಿ ಬೆಟ್ಟದ ಅಭಿವೃದ್ಧಿ ಕಾರ್ಯಗಳು ನಿಗದಿತ ಅವಧಿಯಲ್ಲಿ ಮುಗಿಯಬೇಕು. ಭಕ್ತರಿಗೆ ಅಗತ್ಯ ಮೂಲಸೌಕರ್ಯ ಒದಗಿಸಬೇಕು. ಕೇಬಲ್ ಕಾರ್ ಯೋಜನೆಯ ಪ್ರಸ್ತಾವನೆ ಶೀಘ್ರ ಸಲ್ಲಿಸಬೇಕು. ಸ್ವಚ್ಛತೆಗೆ ಆದ್ಯತೆ ನೀಡಬೇಕು ಎಂದು ಸೂಚಿಸಿದರು. ಸಭೆಯಲ್ಲಿ ಜಿಲ್ಲಾಧಿಕಾರಿ ನಳಿನ್ ಅತುಲ್, ಜಿಲ್ಲಾ ಪೊಲೀಸ್ ವರಿಷ್ಠಾಧಿಕಾರಿ ಡಾ.ರಾಮ್ ಎಲ್.ಅರಸಿದ್ದಿ, ಜಿ.ಪಂ.ಸಿಇಒ ವರ್ಣಿತ್ ನೇಗಿ ಸೇರಿದಂತೆ ವಿವಿಧ ಇಲಾಖೆಗಳ ಅಧಿಕಾರಿಗಳು ಉಪಸ್ಥಿತರಿದ್ದರು.

50 ಸಾವಿರ ಮಿರ್ಚಿ ಸವಿದ ಭಕ್ತರು

ಗದಗ: ನಗರದ ವೀರಶೈವ ಪುಣ್ಯಾಶ್ರಮದ ಗಾನಯೋಗಿ ಪಂಡಿತ ಪಂಚಾಕ್ಷರಿ ಗವಾಯಿಗಳವರ 81ನೇ ಹಾಗೂ ಪದ್ಮಭೂಷಣ ಡಾ.ಪಂ.ಪುಟ್ಟರಾಜ ಕವಿ ಗವಾಯಿಗಳವರ 15ನೇ ಪುಣ್ಯಸ್ಮರಣೋತ್ಸವ ಅಂಗವಾಗಿ ಭಕ್ತರಿಗೆ ಮಿರ್ಚಿ ಭಜಿ ಪ್ರಸಾದ ವಿತರಿಸಲಾಯಿತು. ಮಿರ್ಚಿ ಪ್ರಸಾದ ಸೇವಾ ಟ್ರಸ್ಟ್ ವತಿಯಿಂದ ಸುಮಾರು 50 ಸಾವಿರ ಮಿರ್ಚಿ ಭಜಿಗಳನ್ನು ತಯಾರಿಸಿ ಭಕ್ತರಿಗೆ ಉಣಬಡಿಸಲಾಯಿತು. ಬೆಳಿಗ್ಗೆಯಿಂದಲೇ ಆಶ್ರಮಕ್ಕೆ ಆಗಮಿಸಿದ ಸಾವಿರಾರು ಭಕ್ತರು ಗವಾಯಿಗಳ ಗದ್ದುಗೆ ದರ್ಶನ ಪಡೆದು ಮಿರ್ಚಿ ಪ್ರಸಾದ ಸವಿದರು. ಈ ಸಂದರ್ಭದಲ್ಲಿ ಆಶ್ರಮದ ಪೀಠಾಧಿಪತಿಗಳು, ಟ್ರಸ್ಟ್ ಪದಾಧಿಕಾರಿಗಳು, ಗಣ್ಯರು ಹಾಗೂ ಭಕ್ತರು ಉಪಸ್ಥಿತರಿದ್ದರು.	ನಗರದ ವೀರಶೈವ ಪುಣ್ಯಾಶ್ರಮದ ಗಾನಯೋಗಿ ಪಂಡಿತ ಪಂಚಾಕ್ಷರಿ ಗವಾಯಿಗಳವರ 81ನೇ ಹಾಗೂ ಪದ್ಮಭೂಷಣ ಡಾ.ಪಂ.ಪುಟ್ಟರಾಜ ಕವಿ ಗವಾಯಿಗಳವರ 15ನೇ ಪುಣ್ಯಸ್ಮರಣೋತ್ಸವ ಅಂಗವಾಗಿ ಭಕ್ತರಿಗೆ ಮಿರ್ಚಿ ಭಜಿ ಪ್ರಸಾದ ವಿತರಿಸಲಾಯಿತು. ಮಿರ್ಚಿ ಪ್ರಸಾದ ಸೇವಾ ಟ್ರಸ್ಟ್ ವತಿಯಿಂದ ಸುಮಾರು 50 ಸಾವಿರ ಮಿರ್ಚಿ ಭಜಿಗಳನ್ನು ತಯಾರಿಸಿ ಭಕ್ತರಿಗೆ ಉಣಬಡಿಸಲಾಯಿತು. ಬೆಳಿಗ್ಗೆಯಿಂದಲೇ ಆಶ್ರಮಕ್ಕೆ ಆಗಮಿಸಿದ ಸಾವಿರಾರು ಭಕ್ತರು ಗವಾಯಿಗಳ ಗದ್ದುಗೆ ದರ್ಶನ ಪಡೆದು ಮಿರ್ಚಿ ಪ್ರಸಾದ ಸವಿದರು. ಈ ಸಂದರ್ಭದಲ್ಲಿ ಆಶ್ರಮದ ಪೀಠಾಧಿಪತಿಗಳು, ಟ್ರಸ್ಟ್ ಪದಾಧಿಕಾರಿಗಳು, ಗಣ್ಯರು ಹಾಗೂ ಭಕ್ತರು ಉಪಸ್ಥಿತರಿದ್ದರು.
